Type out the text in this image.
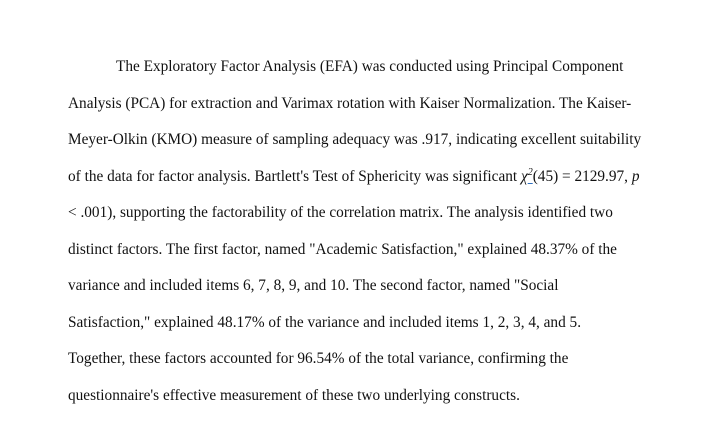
The Exploratory Factor Analysis (EFA) was conducted using Principal Component

Analysis (PCA) for extraction and Varimax rotation with Kaiser Normalization. The Kaiser-

Meyer-Olkin (KMO) measure of sampling adequacy was .917, indicating excellent suitability

of the data for factor analysis. Bartlett's Test of Sphericity was significant $\chi^2(45) = 2129.97$, p

< .001), supporting the factorability of the correlation matrix. The analysis identified two

distinct factors. The first factor, named "Academic Satisfaction," explained 48.37% of the

variance and included items 6, 7, 8, 9, and 10. The second factor, named "Social

Satisfaction," explained 48.17% of the variance and included items 1, 2, 3, 4, and 5.

Together, these factors accounted for 96.54% of the total variance, confirming the

questionnaire's effective measurement of these two underlying constructs.
